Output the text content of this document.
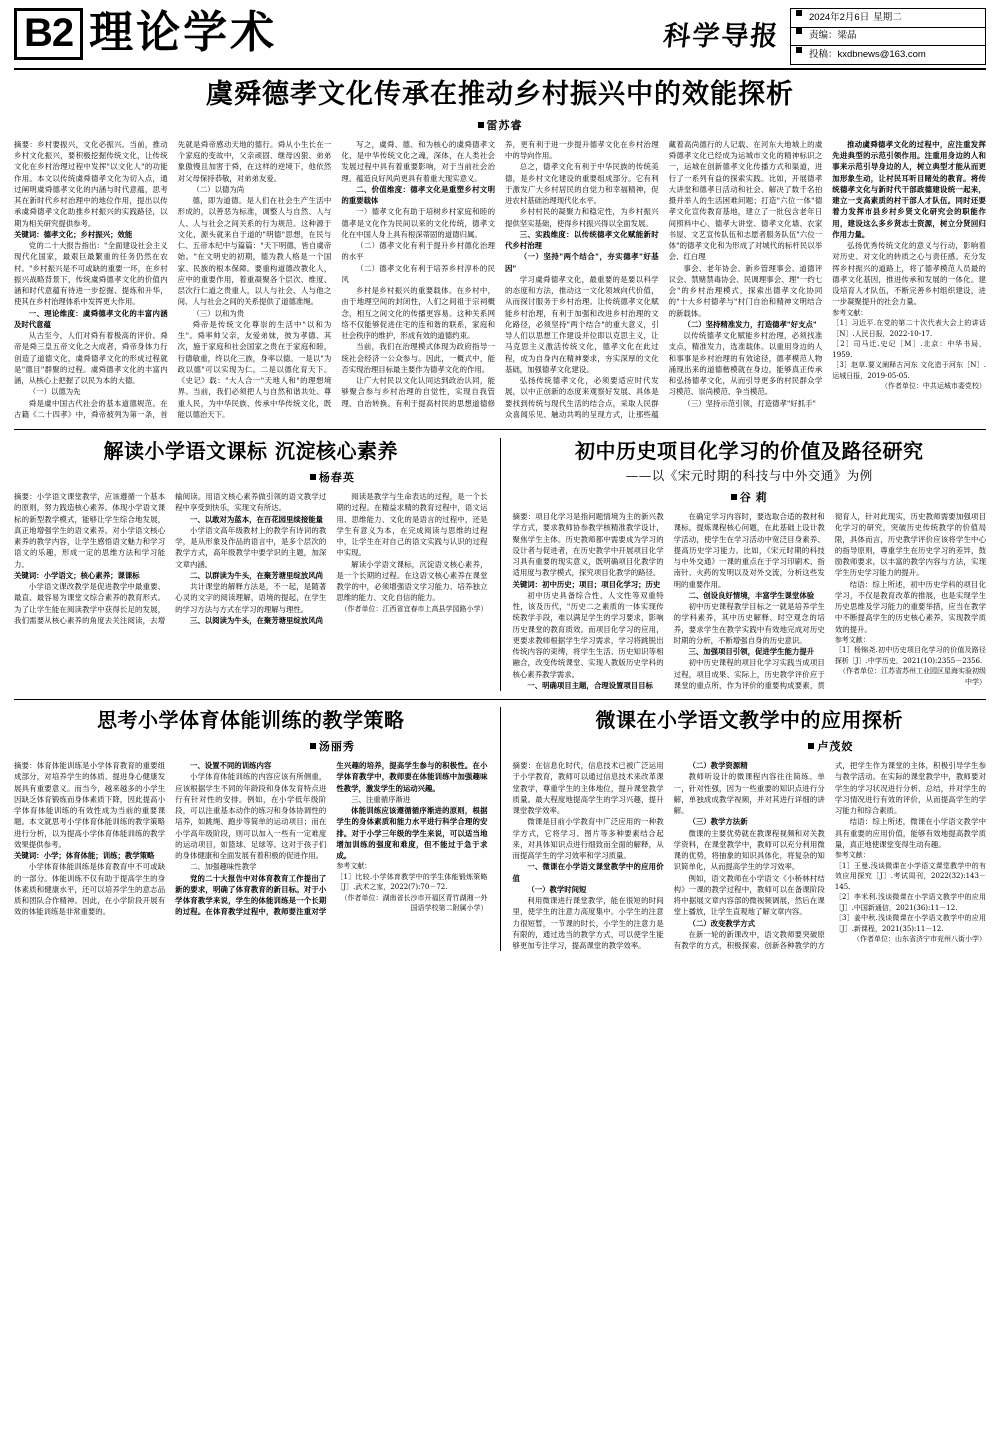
B2 理论学术	科学导报
2024年2月6日 星期二
责编：梁晶
投稿：kxdbnews@163.com
虞舜德孝文化传承在推动乡村振兴中的效能探析
雷苏睿

摘要：乡村要振兴，文化必振兴。当前，推动乡村文化振兴，要积极挖掘传统文化，让传统文化在乡村治理过程中发挥"以文化人"的功能作用。本文以传统虞舜德孝文化为切入点，通过阐明虞舜德孝文化的内涵与时代意蕴，思考其在新时代乡村治理中的地位作用，提出以传承虞舜德孝文化助推乡村振兴的实践路径，以期为相关研究提供参考。

关键词：德孝文化；乡村振兴；效能

党的二十大报告指出："全面建设社会主义现代化国家，最艰巨最繁重的任务仍然在农村。"乡村振兴是不可或缺的重要一环，在乡村振兴战略背景下，传统虞舜德孝文化的价值内涵和时代意蕴有待进一步挖掘、提炼和升华，使其在乡村治理体系中发挥更大作用。

一、理论维度：虞舜德孝文化的丰富内涵及时代意蕴

从古至今，人们对舜有着极高的评价。舜帝是舜三皇五帝文化之大成者，舜帝身体力行创造了道德文化，虞舜德孝文化的形成过程就是"德目"群聚的过程。虞舜德孝文化的丰富内涵，从核心上把握了以民为本的大德。

（一）以德为先

舜是虞中国古代社会的基本道德规范。在古籍《二十四孝》中，舜帝被列为第一条，首先就是舜帝感动天地的德行。舜从小生长在一个家庭的变故中，父亲顽固、继母凶狠、弟弟象傲慢且加害于舜，在这样的逆境下，他依然对父母保持恭敬，对弟弟友爱。

（二）以德为尚

德，即为道德。是人们在社会生产生活中形成的，以善恶为标准，调整人与自然、人与人、人与社会之间关系的行为规范。这种源于文化，源头就来自于道的"明德"思想，在民与仁、五帝本纪中与篇篇："天下明德，皆自虞帝始。"在文明史的初期，德为教人格是一个国家、民族的根本保障。要重构道德改教化人，应中的重要作用，着重凝聚各个层次、维度、层次行仁道之贵重人，以人与社会、人与他之间、人与社会之间的关系提供了道德准绳。

（三）以和为贵

舜帝是传统文化尊崇的生活中"以和为生"。舜率帅父亲，友爱弟妹，彼为孝德、其次，施于家庭和社会国家之贵在于家庭和睦，行德敏重，终以化三族，身率以德。一是以"为政以德"可以实现为仁。二是以德化育天下。《史记》载："大人合一"天地人和"的理想境界。当前，我们必须把人与自然和谐共处、尊重人民，为中华民族、传承中华传统文化，既能以德治天下。

写之，虞舜、德、和为核心的虞舜德孝文化，是中华传统文化之魂，深体，在人类社会发展过程中具有着重要影响，对于当前社会治理、蕴造良好风尚更具有着重大现实意义。

二、价值维度：德孝文化是重塑乡村文明的重要载体

一）德孝文化有助于培树乡村家庭和睦的德孝是文化作为民间以来的文化传统，德孝文化在中国人身上具有根深蒂固的道德归属。

（二）德孝文化有利于提升乡村德化治理的水平

（二）德孝文化有利于培养乡村淳朴的民风

乡村是乡村振兴的重要载体。在乡村中，由于地理空间的封闭性，人们之间祖于宗祠概念，相互之间文化的传播更容易。这种关系网络不仅能够促进住宅的连和谐的联系，家庭和社会秩序的维护，形成有效的道德约束。

当前，我们在治理模式体现为政府指导一统社会经济一公众参与。因此，一概式中，能否实现治理目标最主要作为德孝文化的作用。

让广大村民以文化认同达到政治认同，能够聚合参与乡村治理的自觉性，实现自我管理、自治转换。有利于提高村民的思想道德修养，更有利于进一步提升德孝文化在乡村治理中的导向作用。

总之，德孝文化有利于中华民族的传统美德，是乡村文化建设的重要组成部分。它有利于激发广大乡村居民的自觉力和幸福精神，促进农村基础治理现代化水平。

乡村村民的凝聚力和稳定性，为乡村振兴提供坚实基础，使得乡村振兴得以全面发展。

三、实践维度：以传统德孝文化赋能新时代乡村治理

（一）坚持"两个结合"，夯实德孝"好基因"

学习虞舜德孝文化，最重要的是要以科学的态度和方法，推动这一文化领域向代价值，从而探讨服务于乡村治理。让传统德孝文化赋能乡村治理，有利于加强和改进乡村治理的文化路径，必须坚持"两个结合"的重大意义，引导人们以思想工作建设并位即以克思主义，让马克思主义激活传统文化，德孝文化在此过程，成为自身内在精神要求，夯实深厚的文化基础，加强德孝文化建设。

弘扬传统德孝文化，必须要适应时代发展，以中正创新的态度来观察好发展、具体是要找到传统与现代生活的结合点，采取人民群众喜闻乐见、触动共鸣的呈现方式，让那些蕴藏着高尚德行的人记载、在河东大地城上的虞舜德孝文化已经成为运城市文化的精神标识之一，运城在创新德孝文化传播方式和渠道，进行了一系列有益的探索实践。比如，开展德孝大讲堂和德孝日活动和社会、解决了数千名拍摄并举人的生活困难问题；打造"六位一体"德孝文化宣传教育基地，建立了一批包含老年日间照料中心、德孝大讲堂、德孝文化墙、农家书屋、文艺宣传队伍和志愿者服务队伍"六位一体"的德孝文化和为形成了对城代的标杆民以举会、红白理

事会、老年协会、新乡管理事会、道德评议会、禁赌禁毒协会、民调理事会、理"一约七会"的乡村治理模式，探索出德孝文化协同的"十大乡村德孝与"村门自治和精神文明结合的新载体。

（二）坚持精准发力，打造德孝"好支点"

以传统德孝文化赋能乡村治理，必须找准支点，精准发力，选准载体。以重用身边的人和事事是乡村治理的有效途径，德孝模范人物涌现出来的道德楷模就在身边，能够真正传承和弘扬德孝文化，从而引导更多的村民群众学习模范、崇尚模范、争当模范。

（三）坚持示范引领，打造德孝"好抓手"

推动虞舜德孝文化的过程中，应注重发挥先进典型的示范引领作用。注重用身边的人和事来示范引导身边的人，树立典型才能从而更加形象生动，让村民耳听目睹处的教育。将传统德孝文化与新时代干部政德建设统一起来，建立一支高素质的村干部人才队伍。同时还要着力发挥市县乡村乡贤文化研究会的职能作用，建设这么多乡贤志士资源，树立分贤回归作用力量。

弘扬优秀传统文化的意义与行动，影响着对历史、对文化的转质之心与责任感。充分发挥乡村振兴的道路上，将了德孝模范人员最的德孝文化基因，推进传承和发展的一体化。建设培育人才队伍，不断完善乡村组织建设，进一步凝聚提升的社会力量。

参考文献：

［1］习近平.在党的第二十次代表大会上的讲话［N］.人民日报，2022-10-17.

［2］司马迁.史记［M］.北京：中华书局，1959.

［3］赵草.要义阐释古河东 文化造于河东［N］.运城日报，2019-05-05.

（作者单位：中共运城市委党校）

解读小学语文课标 沉淀核心素养
杨春英

摘要：小学语文课堂教学，应该遵循一个基本的原则，努力践造核心素养。体现小学语文课标的新型教学模式，能够让学生综合地发展，真正地增强学生的语文素养。对小学语文核心素养的教学内容，让学生感悟语文魅力和学习语文的乐趣，形成一定的思维方法和学习能力。

关键词：小学语文；核心素养；课课标

小学语文课改教学是促进教学中最重要、最直、最容易为课堂文综合素养的教育形式。为了让学生能在阅读教学中获得长足的发展，我们需要从核心素养的角度去关注阅读，去增输阅读。用语文核心素养做引领的语文教学过程中享受到快乐，实现文有所达。

一、以敢对为蓝本，在百花园里续接能量

小学语文高年级教材上的教学有诗词的教学，是从形象及作品的语言中，是多个层次的教学方式，高年级教学中要学识的主题，加深文章内涵。

二、以群读为牛头，在聚芳塘里绽放风尚

共计课堂的解释方法是，不一起，是随著心灵的文字的阅读理解，语境的提起，在学生的学习方法与方式在学习的理解与理性。

三、以阅读为牛头，在聚芳塘里绽放风尚

阅读是教学与生命表达的过程，是一个长期的过程。在精益求精的教育过程中，语文运用、思维能力、文化的是语言的过程中，还是学生有意义为本，在完成阅读与思维的过程中，让学生在对自己的语文实践与认识的过程中实现。

解读小学语文课标，沉淀语文核心素养，是一个长期的过程。在这语文核心素养在课堂教学的中，必须增强语文学习能力、培养独立思维的能力、文化自信的能力。

（作者单位：江西省宜春市上高县学园路小学）

初中历史项目化学习的价值及路径研究
——以《宋元时期的科技与中外交通》为例
谷 莉

摘要：项目化学习是指问题情境为主的新兴教学方式，要求教师协参教学核精准教学设计，聚焦学生主体。历史教师都中需要成为学习的设计者与促进者，在历史教学中开展项目化学习具有重要的现实意义，既明确项目化教学的适用度与教学模式，探究项目化教学的路径。

关键词：初中历史；项目；项目化学习；历史

初中历史具备综合性、人文性等双重特性，该及历代，"历史二之素质的一体实现传统教学手段，难以满足学生的学习要求，影响历史课堂的教育质效。而项目化学习的应用，更要求教师根据学生学习需求，学习将跳脱出传统内容的束缚，将学生生活、历史知识等相融合，改变传统课堂、实现人教版历史学科的核心素养教学需求。

一、明确项目主题，合理设置项目目标

在确定学习内容时，要选取合适的教材和课标，提炼课程核心问题，在此基础上设计教学活动，使学生在学习活动中宽泛目身素养、提高历史学习能力。比如，《宋元时期的科技与中外交通》一课的重点在于学习印刷术、指南针、火药的发明以及对外交流，分析这些发明的重要作用。

二、创设良好情境，丰富学生课堂体验

初中历史课程教学目标之一就是培养学生的学科素养，其中历史解释、时空观念的培养，要求学生在教学实践中有效地完成对历史时期的分析，不断增强自身的历史意识。

三、加强项目引领，促进学生能力提升

初中历史课程的项目化学习实践当成项目过程，项目成果、实际上，历史教学评价应于课堂的重点所，作为评价的重要构成要素，贯彻育人，针对此现实，历史教师需要加强项目化学习的研究，突破历史传统教学的价值局限，具体而言，历史教学评价应该将学生中心的指导原则，尊重学生在历史学习的差异，鼓励教师要求，以丰富的教学内容与方法，实现学生历史学习能力的提升。

结语：综上所述，初中历史学科的项目化学习，不仅是教育改革的推展，也是实现学生历史思维及学习能力的重要举措，应当在教学中不断提高学生的历史核心素养，实现教学质效的提升。

参考文献：

［1］杨锦尧.初中历史项目化学习的价值及路径探析［J］.中学历史，2021(10):2355－2356.

（作者单位：江苏省苏州工业园区星海实验初级中学）

思考小学体育体能训练的教学策略
汤丽秀

摘要：体育体能训练是小学体育教育的重要组成部分，对培养学生的体质、提进身心健康发展具有重要意义。而当今，越来越多的小学生因缺乏体育锻炼而身体素质下降，因此提高小学体育体能训练的有效性成为当前的重要课题。本文就思考小学体育体能训练的教学策略进行分析，以为提高小学体育体能训练的教学效果提供参考。

关键词：小学；体育体能；训练；教学策略

小学体育体能训练是体育教育中不可或缺的一部分。体能训练不仅有助于提高学生的身体素质和健康水平，还可以培养学生的意志品质和团队合作精神。因此，在小学阶段开展有效的体能训练是非常重要的。

一、设置不同的训练内容

小学体育体能训练的内容应该有所侧重，应该根据学生不同的年龄段和身体发育特点进行有针对性的安排。例如，在小学低年级阶段，可以注重基本动作的练习和身体协调性的培养，如跳绳、跑步等简单的运动项目；而在小学高年级阶段，则可以加入一些有一定难度的运动项目，如篮球、足球等。这对于孩子们的身体健康和全面发展有着积极的促进作用。

二、加强趣味性教学

党的二十大报告中对体育教育工作提出了新的要求，明确了体育教育的新目标。对于小学体育教学来说，学生的体能训练是一个长期的过程。在体育教学过程中，教师要注重对学生兴趣的培养，提高学生参与的积极性。在小学体育教学中，教师要在体能训练中加强趣味性教学，激发学生的运动兴趣。

三、注重循序渐进

体能训练应该遵循循序渐进的原则，根据学生的身体素质和能力水平进行科学合理的安排。对于小学三年级的学生来说，可以适当地增加训练的强度和难度，但不能过于急于求成。

参考文献：

［1］比较.小学体育教学中的学生体能锻炼策略［J］.武术之家，2022(7):70－72.

（作者单位：湖南省长沙市开福区青竹湖湘一外国语学校第二附属小学）

微课在小学语文教学中的应用探析
卢茂姣

摘要：在信息化时代，信息技术已被广泛运用于小学教育，教师可以通过信息技术来改革课堂教学，尊重学生的主体地位，提升课堂教学质量。最大程度地提高学生的学习兴趣，提升课堂教学效率。

微课是目前小学教育中广泛应用的一种教学方式，它将学习、图片等多种要素结合起来，对具体知识点进行细致而全面的解释，从而提高学生的学习效率和学习质量。

一、微课在小学语文课堂教学中的应用价值

（一）教学时间短

利用微课进行课堂教学，能在很短的时间里，使学生的注意力高度集中。小学生的注意力很短暂，一节课的时长，小学生的注意力是有限的，通过选当的教学方式，可以使学生能够更加专注学习，提高课堂的教学效率。

（二）教学资源精

教师听设计的微课程内容往往简练、单一，针对性强，因为一些重要的知识点进行分解，单独成成教学视频，并对其进行详细的讲解。

（三）教学方法新

微课的主要优势就在教课程视频和对关教学资料，在课堂教学中，教师可以充分利用微课的优势，将抽象的知识具体化，将复杂的知识简单化，从而提高学生的学习效率。

例如，语文教师在小学语文《小桥林村结构》一课的教学过程中，教师可以在备课阶段将中据展文章内容部的微视频调展，然后在课堂上播放，让学生直观地了解文章内容。

（二）改变教学方式

在新一轮的新课改中，语文教师要突破原有教学的方式，积极探索、创新各种教学的方式，把学生作为课堂的主体，积极引导学生参与教学活动。在实际的课堂教学中，教师要对学生的学习状况进行分析、总结，并对学生的学习情况进行有效的评价，从而提高学生的学习能力和综合素质。

结语：综上所述，微课在小学语文教学中具有重要的应用价值，能够有效地提高教学质量，真正地使课堂变得生动有趣。

参考文献：

［1］王曼.浅谈微课在小学语文课堂教学中的有效应用探究［J］.考试周刊，2022(32):143－145.

［2］李米利.浅谈微课在小学语文教学中的应用［J］.中国新通信，2021(36):11－12.

［3］姜中秋.浅谈微课在小学语文教学中的应用［J］.新课程，2021(35):11－12.

（作者单位：山东省济宁市兖州八街小学）
